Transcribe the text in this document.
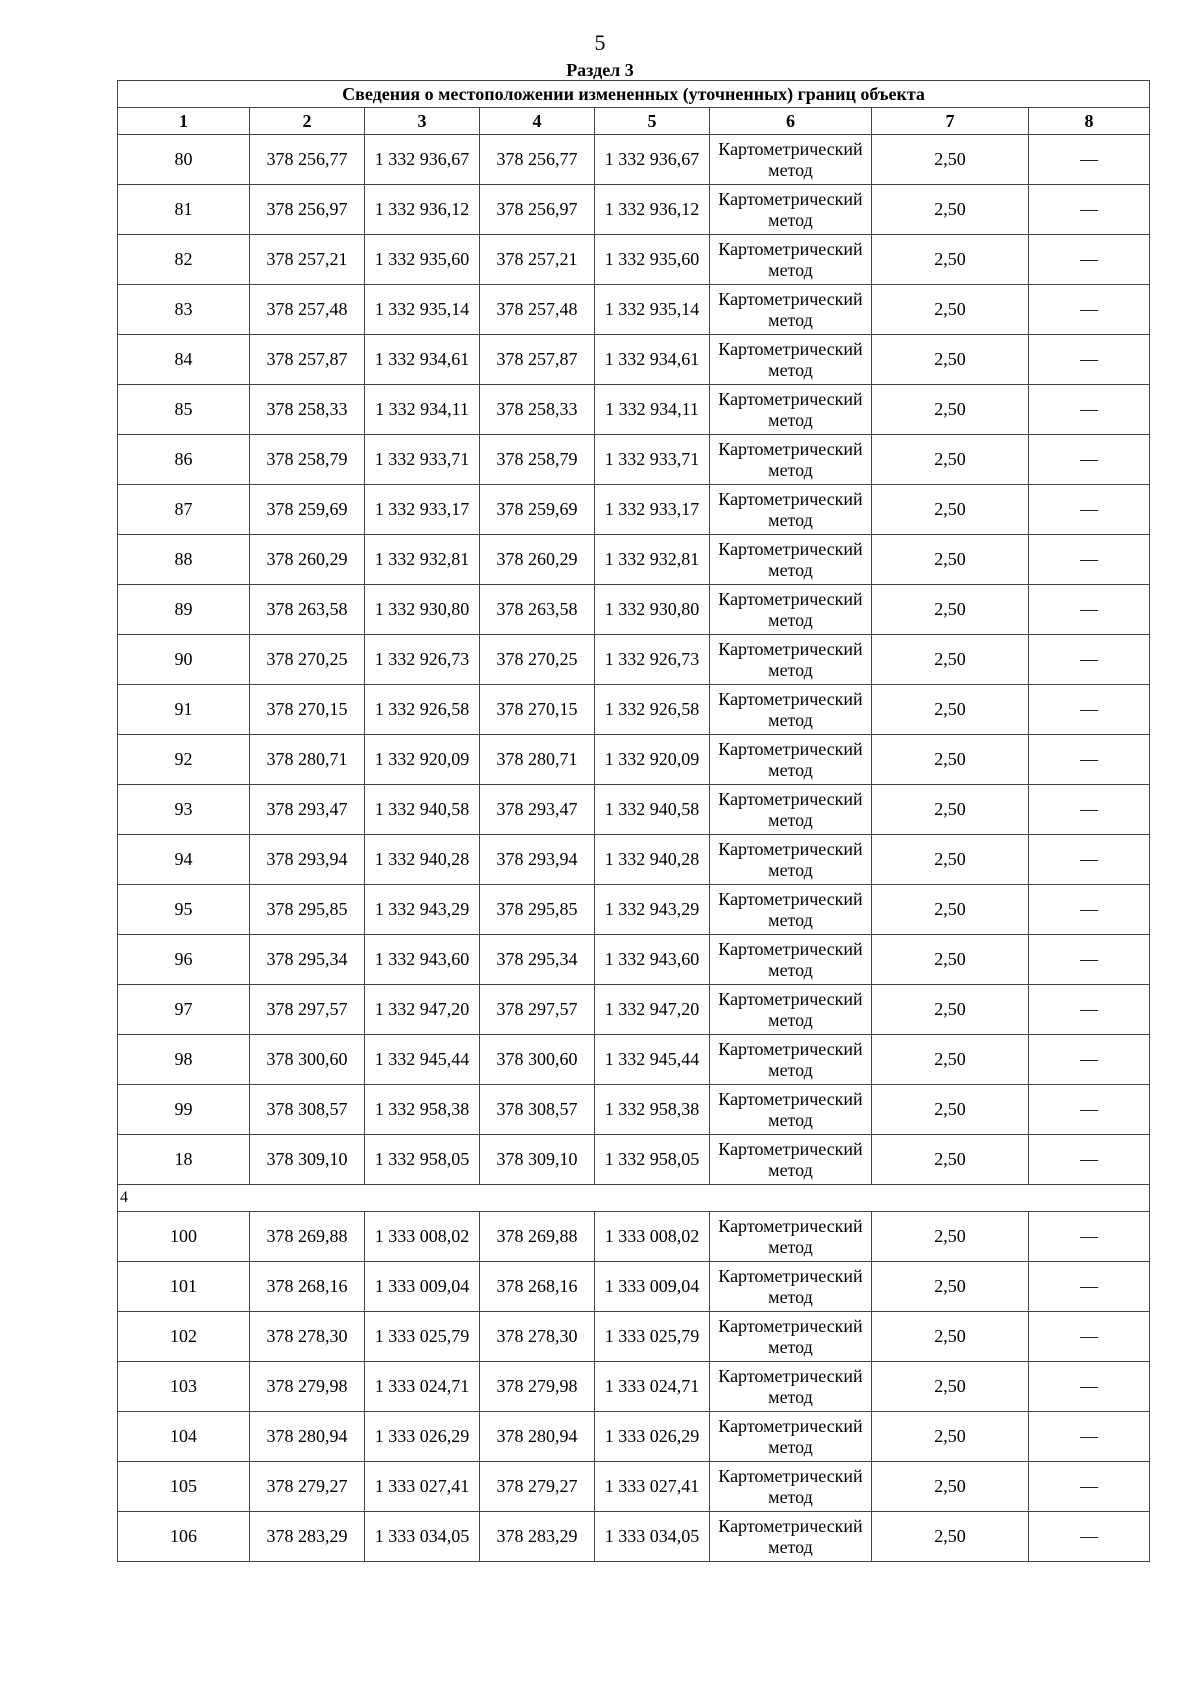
5
Раздел 3
Сведения о местоположении измененных (уточненных) границ объекта							
1	2	3	4	5	6	7	8
80	378 256,77	1 332 936,67	378 256,77	1 332 936,67	Картометрический метод	2,50	—
81	378 256,97	1 332 936,12	378 256,97	1 332 936,12	Картометрический метод	2,50	—
82	378 257,21	1 332 935,60	378 257,21	1 332 935,60	Картометрический метод	2,50	—
83	378 257,48	1 332 935,14	378 257,48	1 332 935,14	Картометрический метод	2,50	—
84	378 257,87	1 332 934,61	378 257,87	1 332 934,61	Картометрический метод	2,50	—
85	378 258,33	1 332 934,11	378 258,33	1 332 934,11	Картометрический метод	2,50	—
86	378 258,79	1 332 933,71	378 258,79	1 332 933,71	Картометрический метод	2,50	—
87	378 259,69	1 332 933,17	378 259,69	1 332 933,17	Картометрический метод	2,50	—
88	378 260,29	1 332 932,81	378 260,29	1 332 932,81	Картометрический метод	2,50	—
89	378 263,58	1 332 930,80	378 263,58	1 332 930,80	Картометрический метод	2,50	—
90	378 270,25	1 332 926,73	378 270,25	1 332 926,73	Картометрический метод	2,50	—
91	378 270,15	1 332 926,58	378 270,15	1 332 926,58	Картометрический метод	2,50	—
92	378 280,71	1 332 920,09	378 280,71	1 332 920,09	Картометрический метод	2,50	—
93	378 293,47	1 332 940,58	378 293,47	1 332 940,58	Картометрический метод	2,50	—
94	378 293,94	1 332 940,28	378 293,94	1 332 940,28	Картометрический метод	2,50	—
95	378 295,85	1 332 943,29	378 295,85	1 332 943,29	Картометрический метод	2,50	—
96	378 295,34	1 332 943,60	378 295,34	1 332 943,60	Картометрический метод	2,50	—
97	378 297,57	1 332 947,20	378 297,57	1 332 947,20	Картометрический метод	2,50	—
98	378 300,60	1 332 945,44	378 300,60	1 332 945,44	Картометрический метод	2,50	—
99	378 308,57	1 332 958,38	378 308,57	1 332 958,38	Картометрический метод	2,50	—
18	378 309,10	1 332 958,05	378 309,10	1 332 958,05	Картометрический метод	2,50	—
4							
100	378 269,88	1 333 008,02	378 269,88	1 333 008,02	Картометрический метод	2,50	—
101	378 268,16	1 333 009,04	378 268,16	1 333 009,04	Картометрический метод	2,50	—
102	378 278,30	1 333 025,79	378 278,30	1 333 025,79	Картометрический метод	2,50	—
103	378 279,98	1 333 024,71	378 279,98	1 333 024,71	Картометрический метод	2,50	—
104	378 280,94	1 333 026,29	378 280,94	1 333 026,29	Картометрический метод	2,50	—
105	378 279,27	1 333 027,41	378 279,27	1 333 027,41	Картометрический метод	2,50	—
106	378 283,29	1 333 034,05	378 283,29	1 333 034,05	Картометрический метод	2,50	—
